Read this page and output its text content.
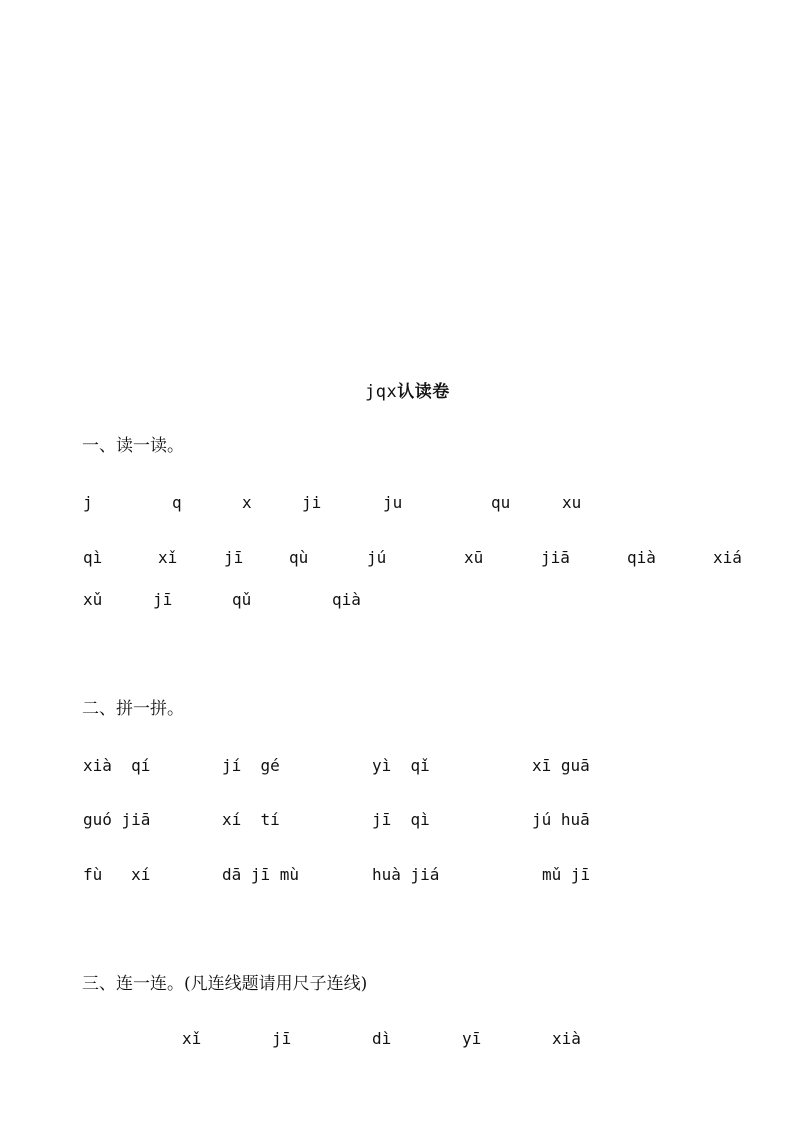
jqx认读卷
一、读一读。
j	q	x	ji	ju	qu	xu
qì	xǐ	jī	qù	jú	xū	jiā	qià	xiá
xǔ	jī	qǔ	qià
二、拼一拼。
xià  qí	jí  gé	yì  qǐ	xī guā
guó jiā	xí  tí	jī  qì	jú huā
fù   xí	dā jī mù	huà jiá	mǔ jī
三、连一连。(凡连线题请用尺子连线)
xǐ	jī	dì	yī	xià
